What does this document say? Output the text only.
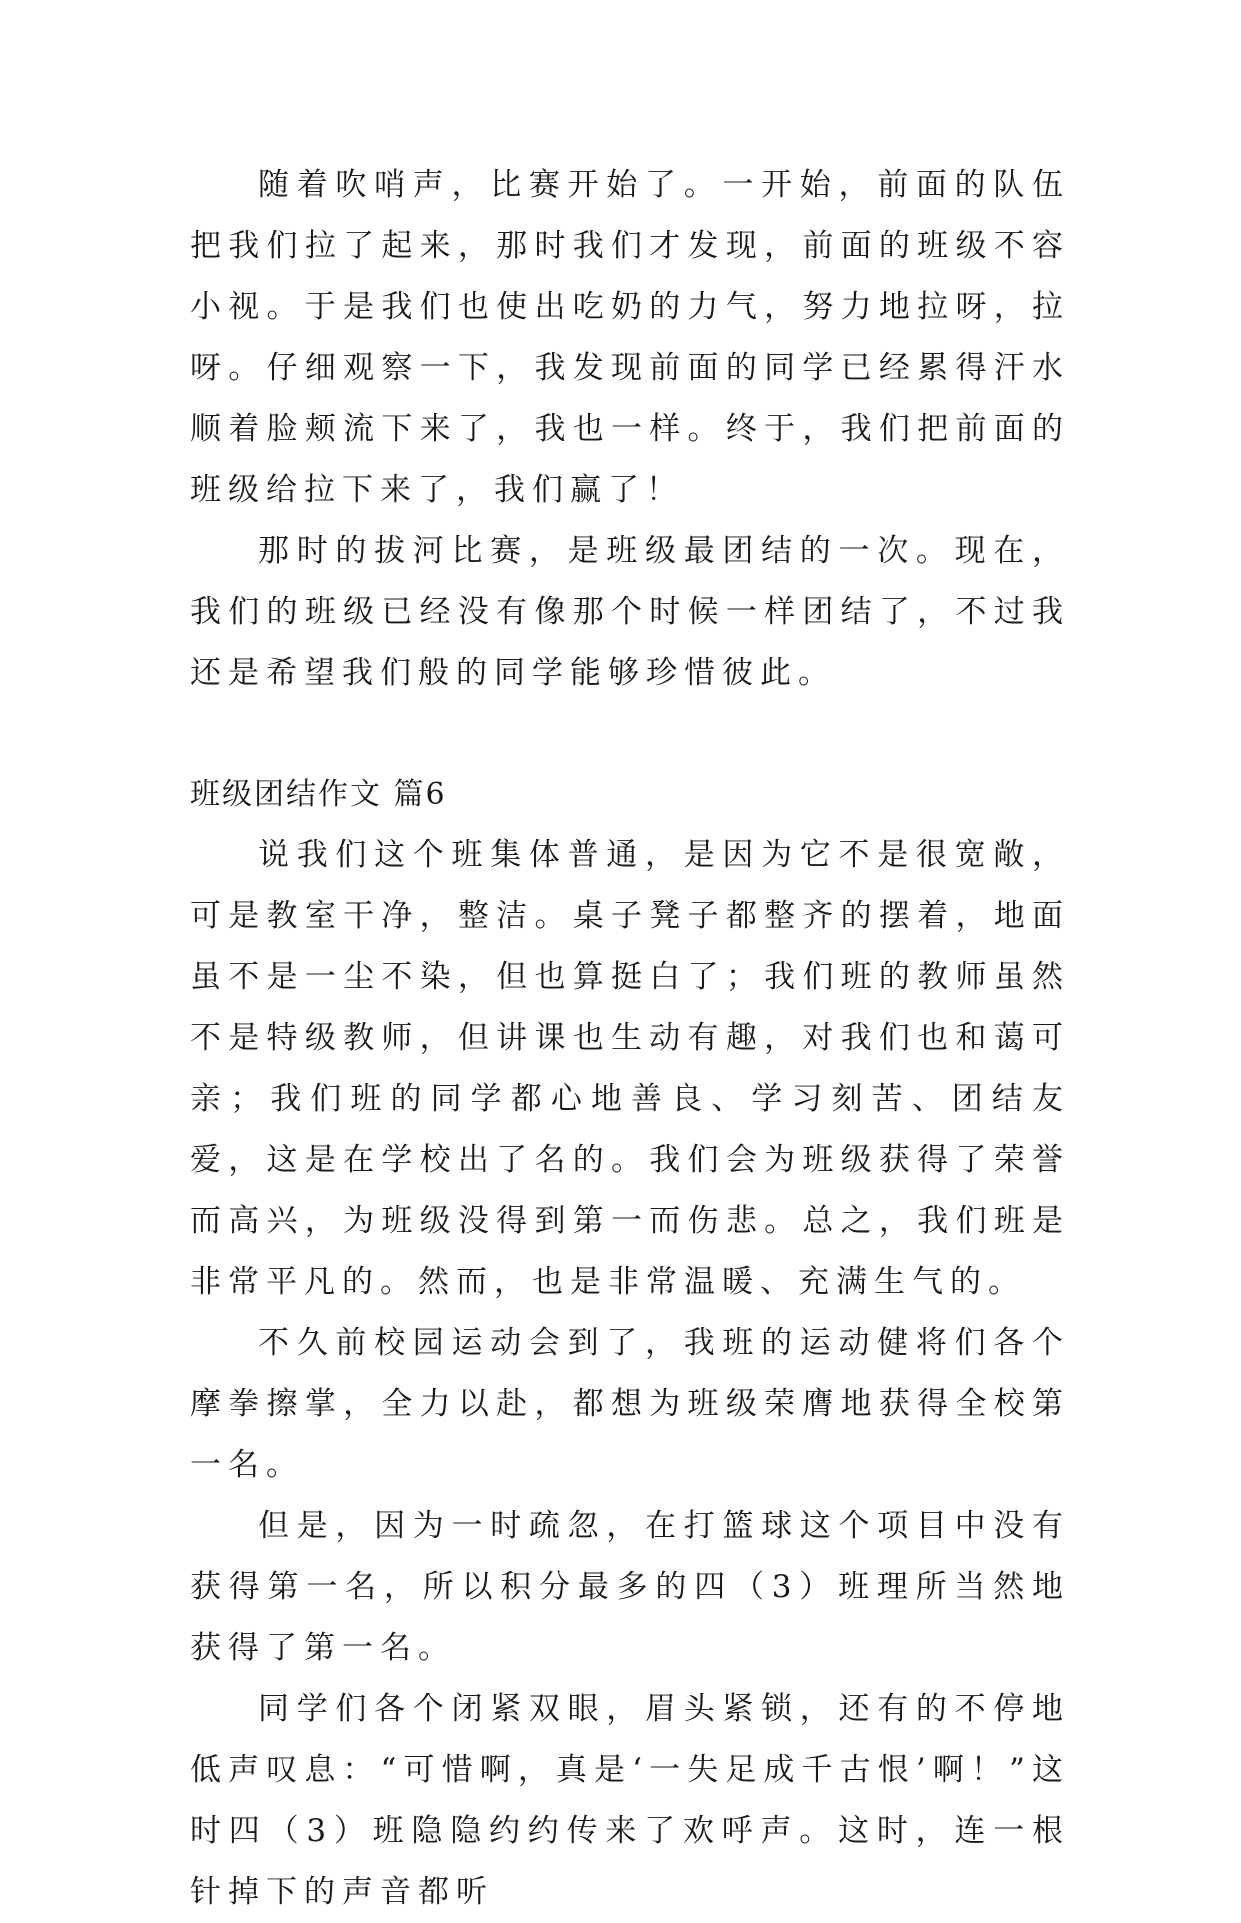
随着吹哨声，比赛开始了。一开始，前面的队伍把我们拉了起来，那时我们才发现，前面的班级不容小视。于是我们也使出吃奶的力气，努力地拉呀，拉呀。仔细观察一下，我发现前面的同学已经累得汗水顺着脸颊流下来了，我也一样。终于，我们把前面的班级给拉下来了，我们赢了！

那时的拔河比赛，是班级最团结的一次。现在，我们的班级已经没有像那个时候一样团结了，不过我还是希望我们般的同学能够珍惜彼此。

班级团结作文 篇6

说我们这个班集体普通，是因为它不是很宽敞，可是教室干净，整洁。桌子凳子都整齐的摆着，地面虽不是一尘不染，但也算挺白了；我们班的教师虽然不是特级教师，但讲课也生动有趣，对我们也和蔼可亲；我们班的同学都心地善良、学习刻苦、团结友爱，这是在学校出了名的。我们会为班级获得了荣誉而高兴，为班级没得到第一而伤悲。总之，我们班是非常平凡的。然而，也是非常温暖、充满生气的。

不久前校园运动会到了，我班的运动健将们各个摩拳擦掌，全力以赴，都想为班级荣膺地获得全校第一名。

但是，因为一时疏忽，在打篮球这个项目中没有获得第一名，所以积分最多的四（3）班理所当然地获得了第一名。

同学们各个闭紧双眼，眉头紧锁，还有的不停地低声叹息：“可惜啊，真是‘一失足成千古恨’啊！”这时四（3）班隐隐约约传来了欢呼声。这时，连一根针掉下的声音都听
